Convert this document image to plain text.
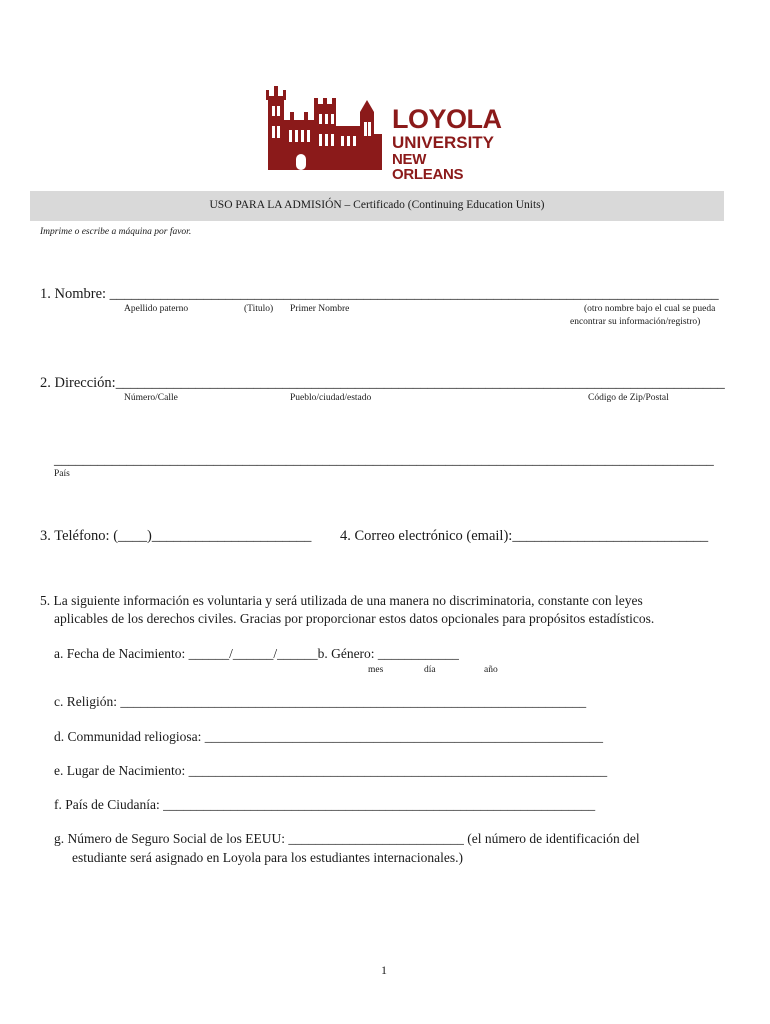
LOYOLA
UNIVERSITY
NEW ORLEANS
USO PARA LA ADMISIÓN – Certificado (Continuing Education Units)
Imprime o escribe a máquina por favor.
1. Nombre: ____________________________________________________________________________________
Apellido paterno	(Titulo) Primer Nombre	(otro nombre bajo el cual se pueda
encontrar su información/registro)
2. Dirección:____________________________________________________________________________________
Número/Calle	Pueblo/ciudad/estado	Código de Zip/Postal
___________________________________________________________________________________________
País
3. Teléfono: (____)______________________ 4. Correo electrónico (email):___________________________
5. La siguiente información es voluntaria y será utilizada de una manera no discriminatoria, constante con leyes
aplicables de los derechos civiles. Gracias por proporcionar estos datos opcionales para propósitos estadísticos.
a. Fecha de Nacimiento: ______/______/______b. Género: ____________
mes	día	año
c. Religión: _____________________________________________________________________
d. Communidad reliogiosa: ___________________________________________________________
e. Lugar de Nacimiento: ______________________________________________________________
f. País de Ciudanía: ________________________________________________________________
g. Número de Seguro Social de los EEUU: __________________________ (el número de identificación del
estudiante será asignado en Loyola para los estudiantes internacionales.)
1
